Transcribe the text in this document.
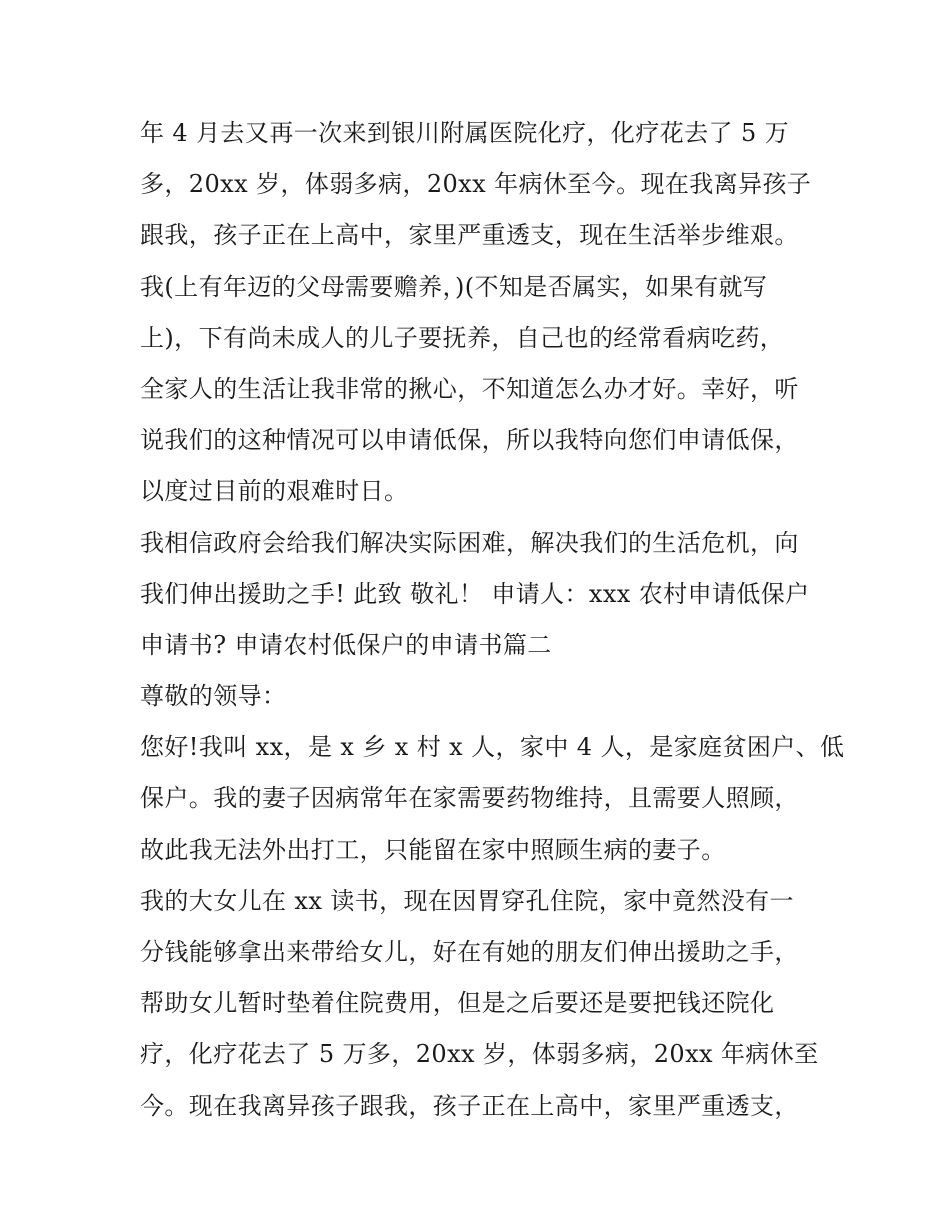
年 4 月去又再一次来到银川附属医院化疗，化疗花去了 5 万
多，20xx 岁，体弱多病，20xx 年病休至今。现在我离异孩子
跟我，孩子正在上高中，家里严重透支，现在生活举步维艰。
我(上有年迈的父母需要赡养，)(不知是否属实，如果有就写
上)，下有尚未成人的儿子要抚养，自己也的经常看病吃药，
全家人的生活让我非常的揪心，不知道怎么办才好。幸好，听
说我们的这种情况可以申请低保，所以我特向您们申请低保，
以度过目前的艰难时日。
我相信政府会给我们解决实际困难，解决我们的生活危机，向
我们伸出援助之手! 此致 敬礼！ 申请人：xxx 农村申请低保户
申请书? 申请农村低保户的申请书篇二
尊敬的领导：
您好!我叫 xx，是 x 乡 x 村 x 人，家中 4 人，是家庭贫困户、低
保户。我的妻子因病常年在家需要药物维持，且需要人照顾，
故此我无法外出打工，只能留在家中照顾生病的妻子。
我的大女儿在 xx 读书，现在因胃穿孔住院，家中竟然没有一
分钱能够拿出来带给女儿，好在有她的朋友们伸出援助之手，
帮助女儿暂时垫着住院费用，但是之后要还是要把钱还院化
疗，化疗花去了 5 万多，20xx 岁，体弱多病，20xx 年病休至
今。现在我离异孩子跟我，孩子正在上高中，家里严重透支，
